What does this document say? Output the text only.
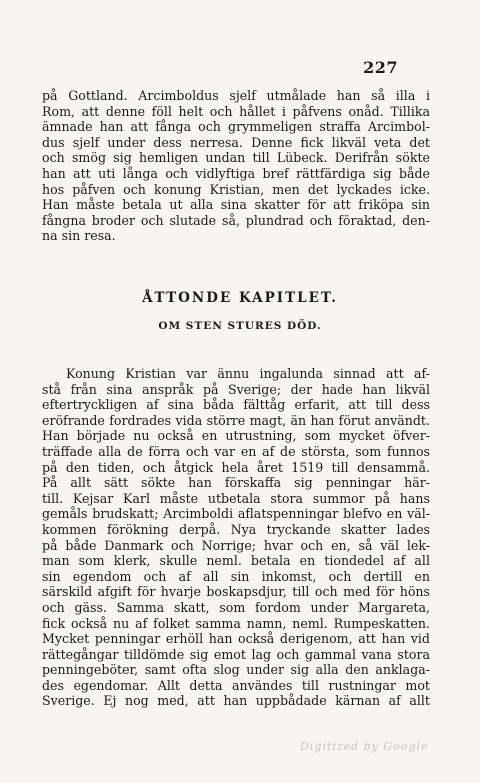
227
på Gottland. Arcimboldus sjelf utmålade han så illa i
Rom, att denne föll helt och hållet i påfvens onåd. Tillika
ämnade han att fånga och grymmeligen straffa Arcimbol-
dus sjelf under dess nerresa. Denne fick likväl veta det
och smög sig hemligen undan till Lübeck. Derifrån sökte
han att uti långa och vidlyftiga bref rättfärdiga sig både
hos påfven och konung Kristian, men det lyckades icke.
Han måste betala ut alla sina skatter för att friköpa sin
fångna broder och slutade så, plundrad och föraktad, den-
na sin resa.
ÅTTONDE KAPITLET.
OM STEN STURES DÖD.
Konung Kristian var ännu ingalunda sinnad att af-
stå från sina anspråk på Sverige; der hade han likväl
eftertryckligen af sina båda fälttåg erfarit, att till dess
eröfrande fordrades vida större magt, än han förut användt.
Han började nu också en utrustning, som mycket öfver-
träffade alla de förra och var en af de största, som funnos
på den tiden, och åtgick hela året 1519 till densammå.
På allt sätt sökte han förskaffa sig penningar här-
till. Kejsar Karl måste utbetala stora summor på hans
gemåls brudskatt; Arcimboldi aflatspenningar blefvo en väl-
kommen förökning derpå. Nya tryckande skatter lades
på både Danmark och Norrige; hvar och en, så väl lek-
man som klerk, skulle neml. betala en tiondedel af all
sin egendom och af all sin inkomst, och dertill en
särskild afgift för hvarje boskapsdjur, till och med för höns
och gäss. Samma skatt, som fordom under Margareta,
fick också nu af folket samma namn, neml. Rumpeskatten.
Mycket penningar erhöll han också derigenom, att han vid
rättegångar tilldömde sig emot lag och gammal vana stora
penningeböter, samt ofta slog under sig alla den anklaga-
des egendomar. Allt detta användes till rustningar mot
Sverige. Ej nog med, att han uppbådade kärnan af allt
Digitized by Google
